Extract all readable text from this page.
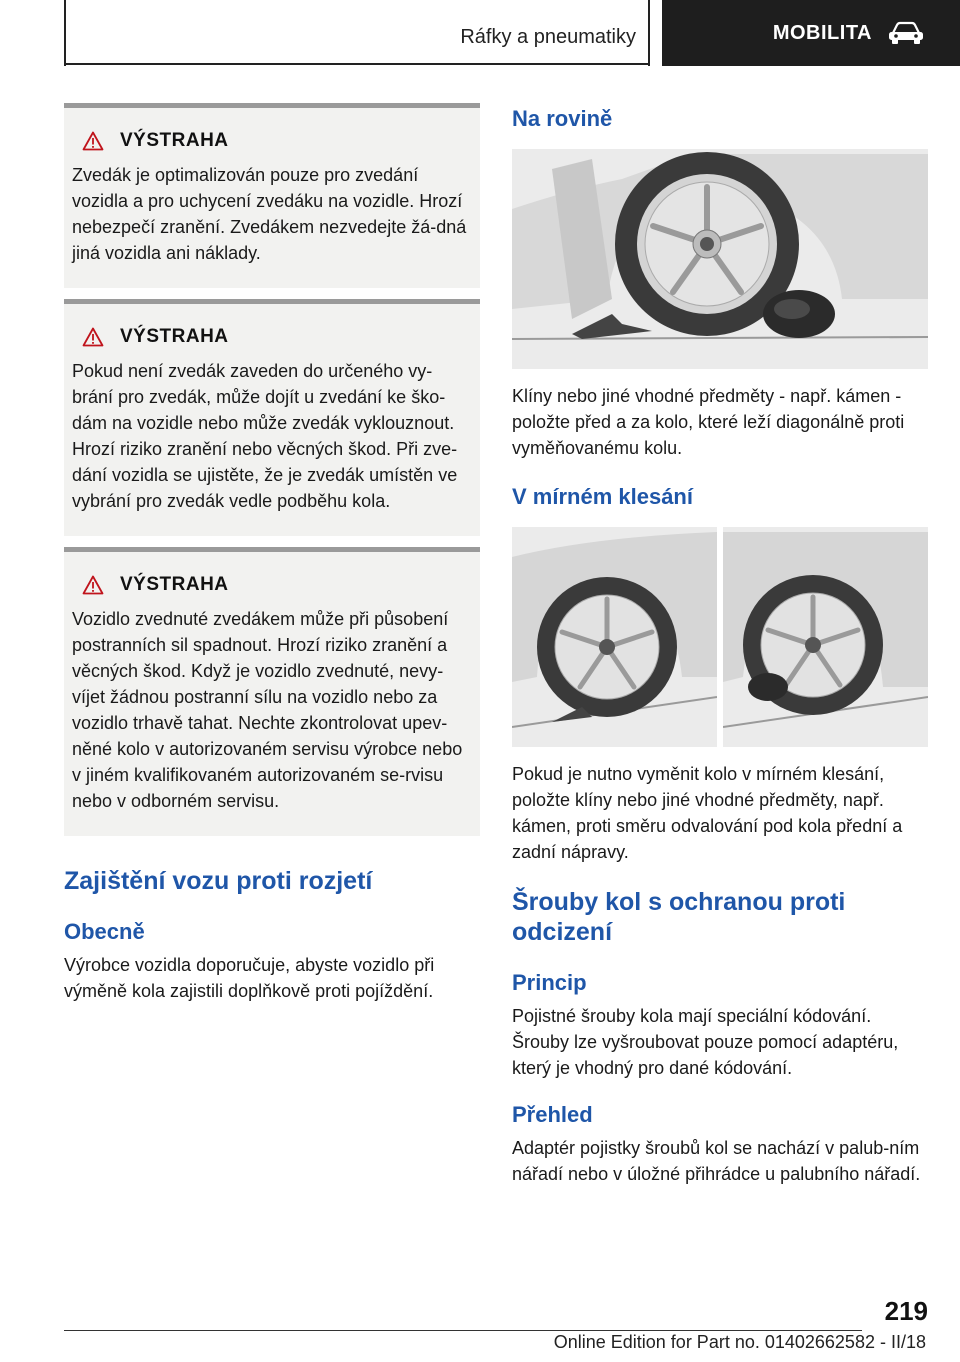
Ráfky a pneumatiky	MOBILITA
VÝSTRAHA

Zvedák je optimalizován pouze pro zvedání vozidla a pro uchycení zvedáku na vozidle. Hrozí nebezpečí zranění. Zvedákem nezvedejte žá‐dná jiná vozidla ani náklady.

VÝSTRAHA

Pokud není zvedák zaveden do určeného vy‐brání pro zvedák, může dojít u zvedání ke ško‐dám na vozidle nebo může zvedák vyklouznout. Hrozí riziko zranění nebo věcných škod. Při zve‐dání vozidla se ujistěte, že je zvedák umístěn ve vybrání pro zvedák vedle podběhu kola.

VÝSTRAHA

Vozidlo zvednuté zvedákem může při působení postranních sil spadnout. Hrozí riziko zranění a věcných škod. Když je vozidlo zvednuté, nevy‐víjet žádnou postranní sílu na vozidlo nebo za vozidlo trhavě tahat. Nechte zkontrolovat upev‐něné kolo v autorizovaném servisu výrobce nebo v jiném kvalifikovaném autorizovaném se‐rvisu nebo v odborném servisu.

Zajištění vozu proti rozjetí
Obecně

Výrobce vozidla doporučuje, abyste vozidlo při výměně kola zajistili doplňkově proti pojíždění.

Na rovině

Klíny nebo jiné vhodné předměty - např. kámen - položte před a za kolo, které leží diagonálně proti vyměňovanému kolu.

V mírném klesání

Pokud je nutno vyměnit kolo v mírném klesání, položte klíny nebo jiné vhodné předměty, např. kámen, proti směru odvalování pod kola přední a zadní nápravy.

Šrouby kol s ochranou proti odcizení
Princip

Pojistné šrouby kola mají speciální kódování. Šrouby lze vyšroubovat pouze pomocí adaptéru, který je vhodný pro dané kódování.

Přehled

Adaptér pojistky šroubů kol se nachází v palub‐ním nářadí nebo v úložné přihrádce u palubního nářadí.

219
Online Edition for Part no. 01402662582 - II/18
